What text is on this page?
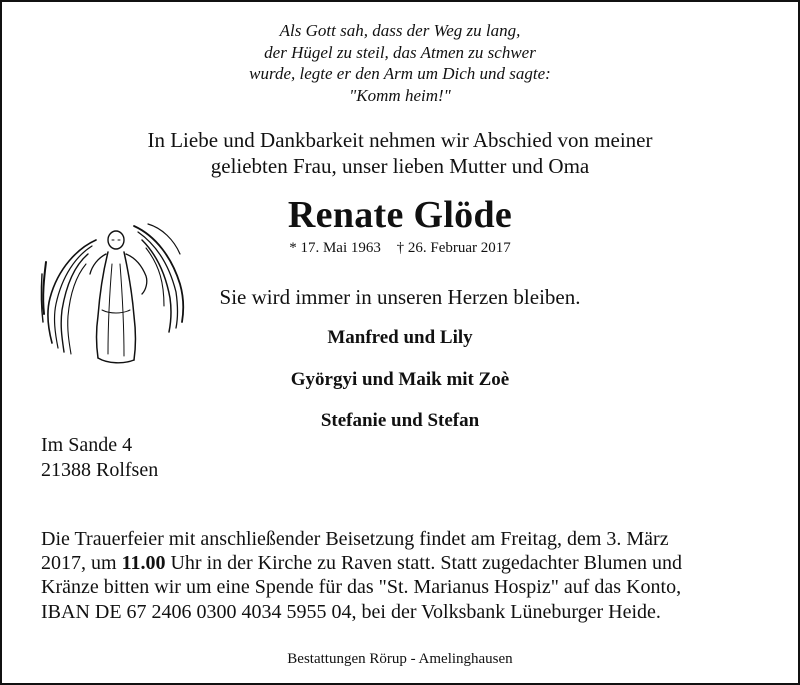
Als Gott sah, dass der Weg zu lang,
der Hügel zu steil, das Atmen zu schwer
wurde, legte er den Arm um Dich und sagte:
"Komm heim!"
In Liebe und Dankbarkeit nehmen wir Abschied von meiner
geliebten Frau, unser lieben Mutter und Oma
Renate Glöde
* 17. Mai 1963 † 26. Februar 2017
Sie wird immer in unseren Herzen bleiben.
Manfred und Lily
Györgyi und Maik mit Zoè
Stefanie und Stefan
Im Sande 4
21388 Rolfsen
Die Trauerfeier mit anschließender Beisetzung findet am Freitag, dem 3. März
2017, um 11.00 Uhr in der Kirche zu Raven statt. Statt zugedachter Blumen und
Kränze bitten wir um eine Spende für das "St. Marianus Hospiz" auf das Konto,
IBAN DE 67 2406 0300 4034 5955 04, bei der Volksbank Lüneburger Heide.
Bestattungen Rörup - Amelinghausen
